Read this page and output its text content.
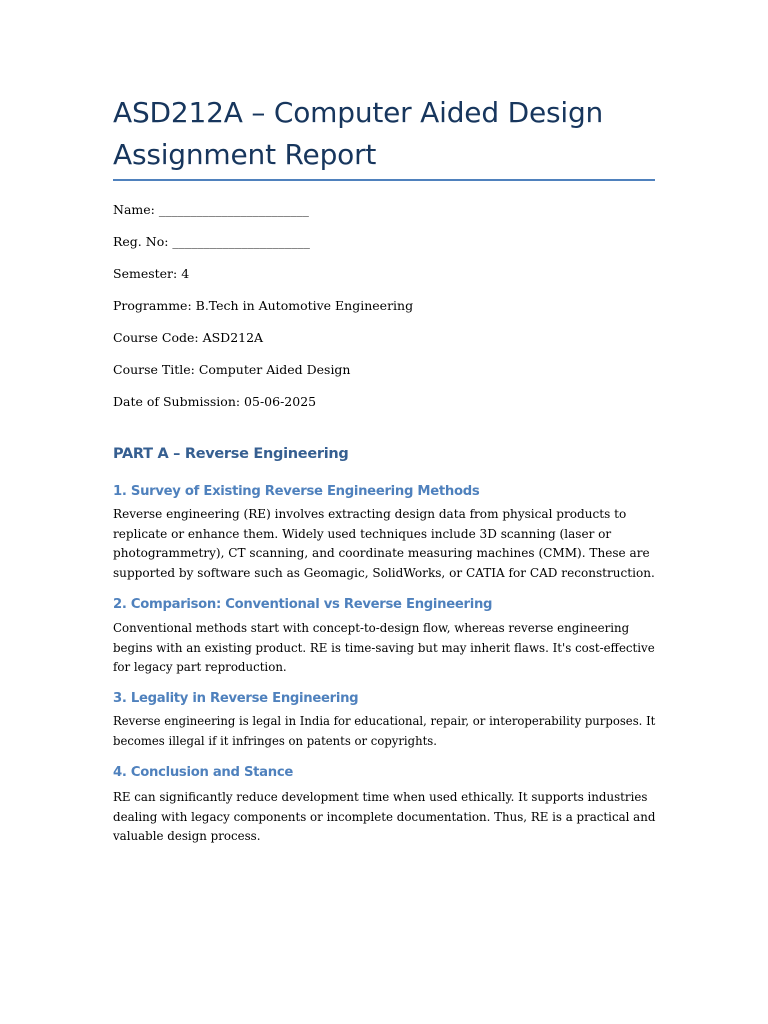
ASD212A – Computer Aided Design
Assignment Report

Name: ________________________

Reg. No: ______________________

Semester: 4

Programme: B.Tech in Automotive Engineering

Course Code: ASD212A

Course Title: Computer Aided Design

Date of Submission: 05-06-2025

PART A – Reverse Engineering
1. Survey of Existing Reverse Engineering Methods
Reverse engineering (RE) involves extracting design data from physical products to
replicate or enhance them. Widely used techniques include 3D scanning (laser or
photogrammetry), CT scanning, and coordinate measuring machines (CMM). These are
supported by software such as Geomagic, SolidWorks, or CATIA for CAD reconstruction.
2. Comparison: Conventional vs Reverse Engineering
Conventional methods start with concept-to-design flow, whereas reverse engineering
begins with an existing product. RE is time-saving but may inherit flaws. It's cost-effective
for legacy part reproduction.
3. Legality in Reverse Engineering
Reverse engineering is legal in India for educational, repair, or interoperability purposes. It
becomes illegal if it infringes on patents or copyrights.
4. Conclusion and Stance
RE can significantly reduce development time when used ethically. It supports industries
dealing with legacy components or incomplete documentation. Thus, RE is a practical and
valuable design process.
